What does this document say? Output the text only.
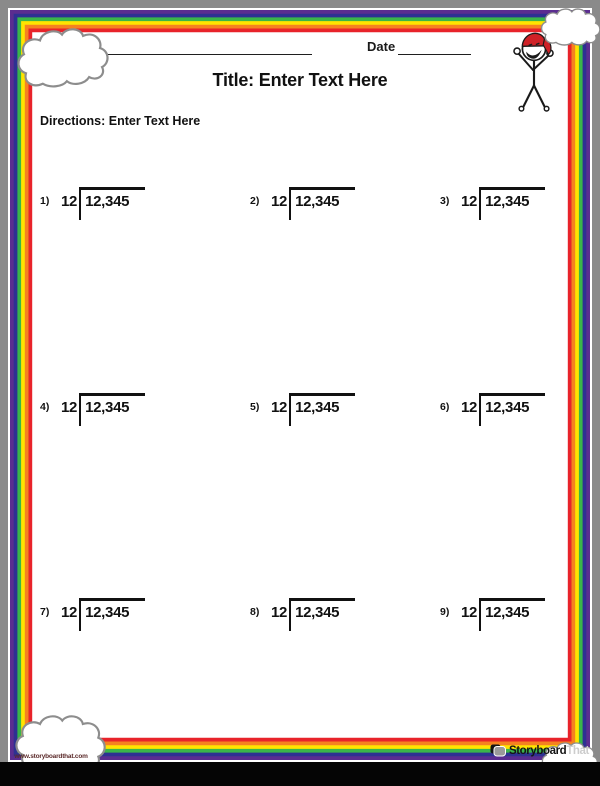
Date
Title: Enter Text Here
Directions: Enter Text Here
1) 12 12,345	2) 12 12,345	3) 12 12,345
4) 12 12,345	5) 12 12,345	6) 12 12,345
7) 12 12,345	8) 12 12,345	9) 12 12,345
www.storyboardthat.com	StoryboardThat
